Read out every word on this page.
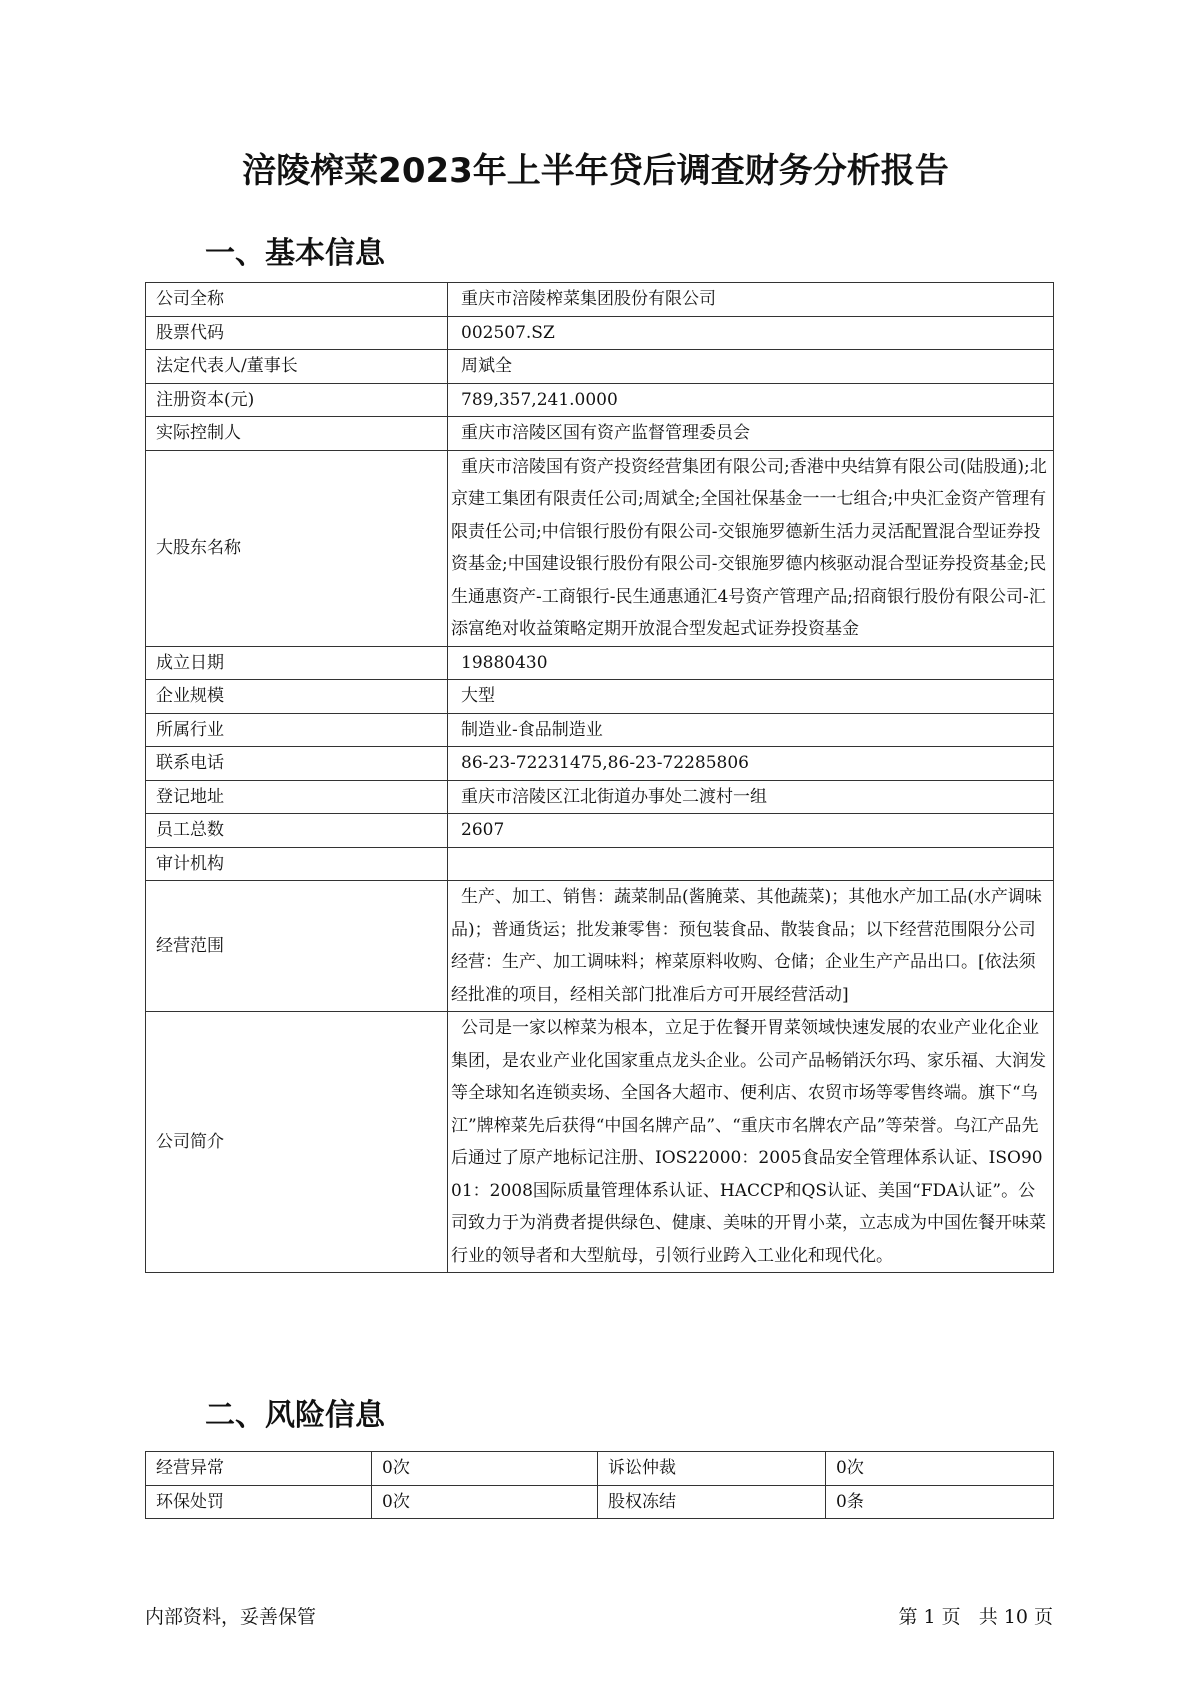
涪陵榨菜2023年上半年贷后调查财务分析报告
一、基本信息
公司全称	重庆市涪陵榨菜集团股份有限公司
股票代码	002507.SZ
法定代表人/董事长	周斌全
注册资本(元)	789,357,241.0000
实际控制人	重庆市涪陵区国有资产监督管理委员会
大股东名称	重庆市涪陵国有资产投资经营集团有限公司;香港中央结算有限公司(陆股通);北京建工集团有限责任公司;周斌全;全国社保基金一一七组合;中央汇金资产管理有限责任公司;中信银行股份有限公司-交银施罗德新生活力灵活配置混合型证券投资基金;中国建设银行股份有限公司-交银施罗德内核驱动混合型证券投资基金;民生通惠资产-工商银行-民生通惠通汇4号资产管理产品;招商银行股份有限公司-汇添富绝对收益策略定期开放混合型发起式证券投资基金
成立日期	19880430
企业规模	大型
所属行业	制造业-食品制造业
联系电话	86-23-72231475,86-23-72285806
登记地址	重庆市涪陵区江北街道办事处二渡村一组
员工总数	2607
审计机构	
经营范围	生产、加工、销售：蔬菜制品(酱腌菜、其他蔬菜)；其他水产加工品(水产调味品)；普通货运；批发兼零售：预包装食品、散装食品；以下经营范围限分公司经营：生产、加工调味料；榨菜原料收购、仓储；企业生产产品出口。[依法须经批准的项目，经相关部门批准后方可开展经营活动]
公司简介	公司是一家以榨菜为根本，立足于佐餐开胃菜领域快速发展的农业产业化企业集团，是农业产业化国家重点龙头企业。公司产品畅销沃尔玛、家乐福、大润发等全球知名连锁卖场、全国各大超市、便利店、农贸市场等零售终端。旗下“乌江”牌榨菜先后获得“中国名牌产品”、“重庆市名牌农产品”等荣誉。乌江产品先后通过了原产地标记注册、IOS22000：2005食品安全管理体系认证、ISO9001：2008国际质量管理体系认证、HACCP和QS认证、美国“FDA认证”。公司致力于为消费者提供绿色、健康、美味的开胃小菜，立志成为中国佐餐开味菜行业的领导者和大型航母，引领行业跨入工业化和现代化。
二、风险信息
经营异常	0次	诉讼仲裁	0次
环保处罚	0次	股权冻结	0条
内部资料，妥善保管	第 1 页   共 10 页
